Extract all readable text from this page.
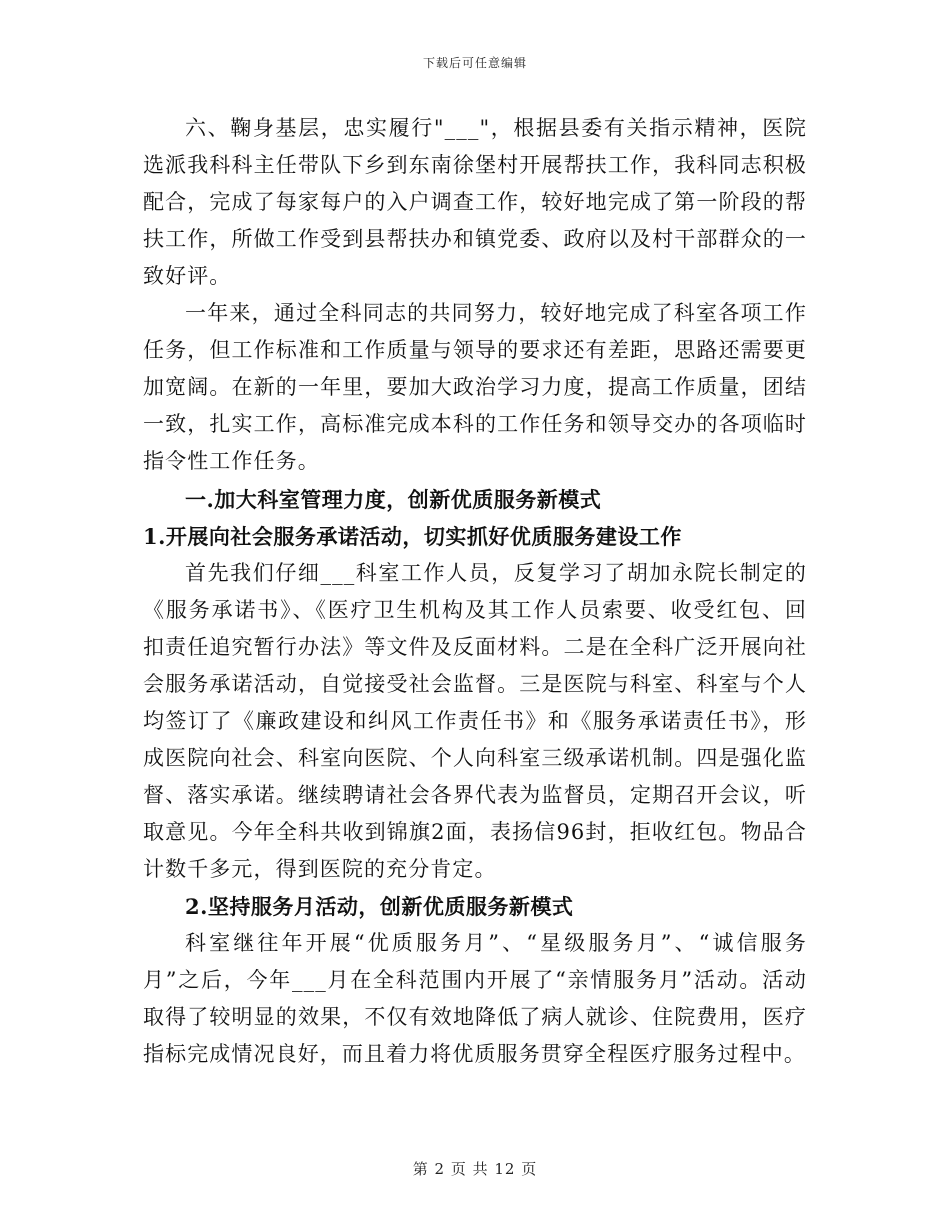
下载后可任意编辑

六、鞠身基层，忠实履行"___"，根据县委有关指示精神，医院选派我科科主任带队下乡到东南徐堡村开展帮扶工作，我科同志积极配合，完成了每家每户的入户调查工作，较好地完成了第一阶段的帮扶工作，所做工作受到县帮扶办和镇党委、政府以及村干部群众的一致好评。

一年来，通过全科同志的共同努力，较好地完成了科室各项工作任务，但工作标准和工作质量与领导的要求还有差距，思路还需要更加宽阔。在新的一年里，要加大政治学习力度，提高工作质量，团结一致，扎实工作，高标准完成本科的工作任务和领导交办的各项临时指令性工作任务。

一.加大科室管理力度，创新优质服务新模式

1.开展向社会服务承诺活动，切实抓好优质服务建设工作

首先我们仔细___科室工作人员，反复学习了胡加永院长制定的《服务承诺书》、《医疗卫生机构及其工作人员索要、收受红包、回扣责任追究暂行办法》等文件及反面材料。二是在全科广泛开展向社会服务承诺活动，自觉接受社会监督。三是医院与科室、科室与个人均签订了《廉政建设和纠风工作责任书》和《服务承诺责任书》，形成医院向社会、科室向医院、个人向科室三级承诺机制。四是强化监督、落实承诺。继续聘请社会各界代表为监督员，定期召开会议，听取意见。今年全科共收到锦旗2面，表扬信96封，拒收红包。物品合计数千多元，得到医院的充分肯定。

2.坚持服务月活动，创新优质服务新模式

科室继往年开展“优质服务月”、“星级服务月”、“诚信服务月”之后，今年___月在全科范围内开展了“亲情服务月”活动。活动取得了较明显的效果，不仅有效地降低了病人就诊、住院费用，医疗指标完成情况良好，而且着力将优质服务贯穿全程医疗服务过程中。

第 2 页 共 12 页
